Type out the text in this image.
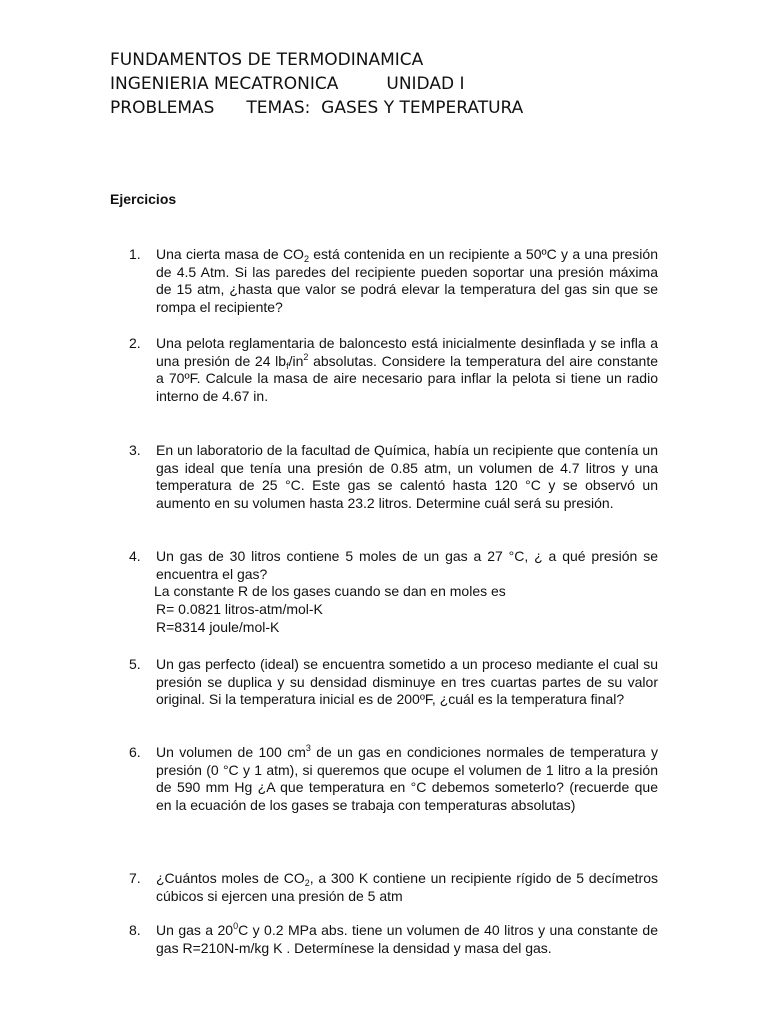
FUNDAMENTOS DE TERMODINAMICA
INGENIERIA MECATRONICA	UNIDAD I
PROBLEMAS TEMAS:  GASES Y TEMPERATURA
Ejercicios
1.	Una cierta masa de $CO_2$ está contenida en un recipiente a 50ºC y a una presión de 4.5 Atm. Si las paredes del recipiente pueden soportar una presión máxima de 15 atm, ¿hasta que valor se podrá elevar la temperatura del gas sin que se rompa el recipiente?
2.	Una pelota reglamentaria de baloncesto está inicialmente desinflada y se infla a una presión de 24 $lb_f/in^2$ absolutas. Considere la temperatura del aire constante a 70ºF. Calcule la masa de aire necesario para inflar la pelota si tiene un radio interno de 4.67 in.
3.	En un laboratorio de la facultad de Química, había un recipiente que contenía un gas ideal que tenía una presión de 0.85 atm, un volumen de 4.7 litros y una temperatura de 25 °C. Este gas se calentó hasta 120 °C y se observó un aumento en su volumen hasta 23.2 litros. Determine cuál será su presión.
4.	Un gas de 30 litros contiene 5 moles de un gas a 27 °C, ¿ a qué presión se encuentra el gas?
La constante R de los gases cuando se dan en moles es
R= 0.0821 litros-atm/mol-K
R=8314 joule/mol-K
5.	Un gas perfecto (ideal) se encuentra sometido a un proceso mediante el cual su presión se duplica y su densidad disminuye en tres cuartas partes de su valor original. Si la temperatura inicial es de 200ºF, ¿cuál es la temperatura final?
6.	Un volumen de 100 $cm^3$ de un gas en condiciones normales de temperatura y presión (0 °C y 1 atm), si queremos que ocupe el volumen de 1 litro a la presión de 590 mm Hg ¿A que temperatura en °C debemos someterlo? (recuerde que en la ecuación de los gases se trabaja con temperaturas absolutas)
7.	¿Cuántos moles de $CO_2$, a 300 K contiene un recipiente rígido de 5 decímetros cúbicos si ejercen una presión de 5 atm
8.	Un gas a $20^0C$ y 0.2 MPa abs. tiene un volumen de 40 litros y una constante de gas R=210N-m/kg K . Determínese la densidad y masa del gas.
